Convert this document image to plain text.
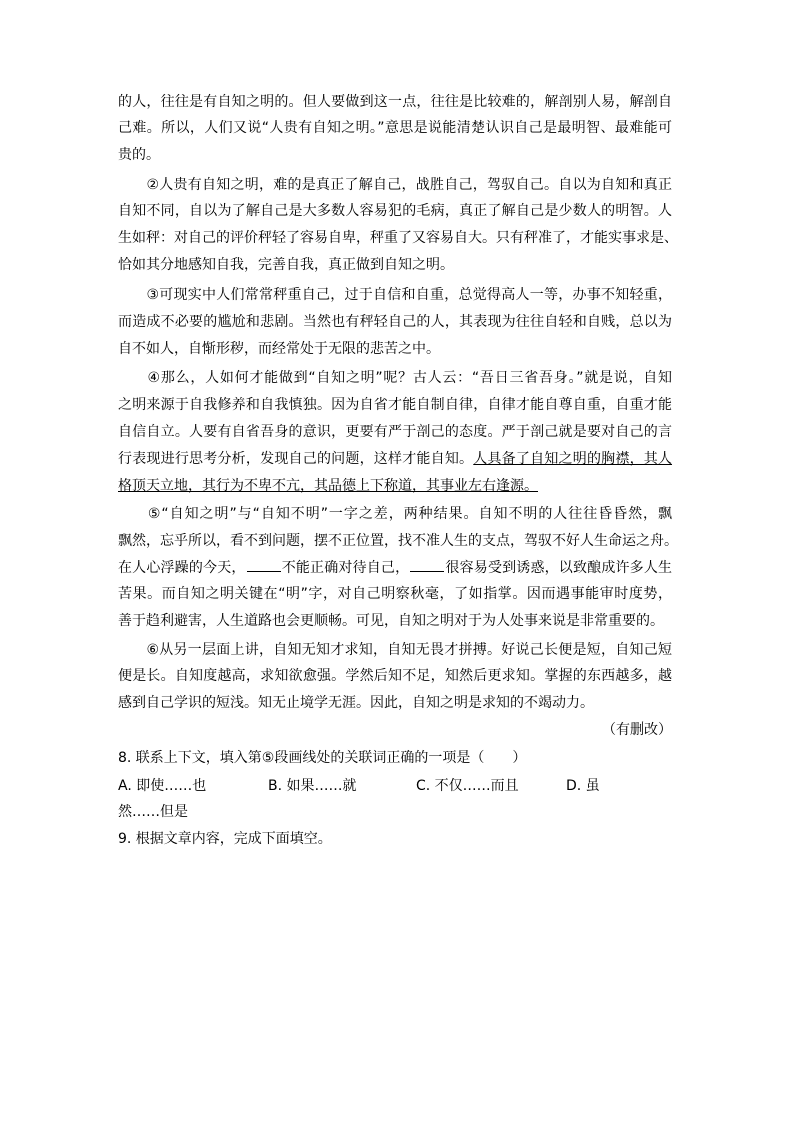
的人，往往是有自知之明的。但人要做到这一点，往往是比较难的，解剖别人易，解剖自
己难。所以，人们又说“人贵有自知之明。”意思是说能清楚认识自己是最明智、最难能可
贵的。
　　②人贵有自知之明，难的是真正了解自己，战胜自己，驾驭自己。自以为自知和真正
自知不同，自以为了解自己是大多数人容易犯的毛病，真正了解自己是少数人的明智。人
生如秤：对自己的评价秤轻了容易自卑，秤重了又容易自大。只有秤准了，才能实事求是、
恰如其分地感知自我，完善自我，真正做到自知之明。
　　③可现实中人们常常秤重自己，过于自信和自重，总觉得高人一等，办事不知轻重，
而造成不必要的尴尬和悲剧。当然也有秤轻自己的人，其表现为往往自轻和自贱，总以为
自不如人，自惭形秽，而经常处于无限的悲苦之中。
　　④那么，人如何才能做到“自知之明”呢？古人云：“吾日三省吾身。”就是说，自知
之明来源于自我修养和自我慎独。因为自省才能自制自律，自律才能自尊自重，自重才能
自信自立。人要有自省吾身的意识，更要有严于剖己的态度。严于剖己就是要对自己的言
行表现进行思考分析，发现自己的问题，这样才能自知。人具备了自知之明的胸襟，其人
格顶天立地，其行为不卑不亢，其品德上下称道，其事业左右逢源。
　　⑤“自知之明”与“自知不明”一字之差，两种结果。自知不明的人往往昏昏然，飘
飘然，忘乎所以，看不到问题，摆不正位置，找不准人生的支点，驾驭不好人生命运之舟。
在人心浮躁的今天，	不能正确对待自己，	很容易受到诱惑，以致酿成许多人生
苦果。而自知之明关键在“明”字，对自己明察秋毫，了如指掌。因而遇事能审时度势，
善于趋利避害，人生道路也会更顺畅。可见，自知之明对于为人处事来说是非常重要的。
　　⑥从另一层面上讲，自知无知才求知，自知无畏才拼搏。好说己长便是短，自知己短
便是长。自知度越高，求知欲愈强。学然后知不足，知然后更求知。掌握的东西越多，越
感到自己学识的短浅。知无止境学无涯。因此，自知之明是求知的不竭动力。
（有删改）
8. 联系上下文，填入第⑤段画线处的关联词正确的一项是（　　）
A. 即使……也	B. 如果……就	C. 不仅……而且	D. 虽
然……但是
9. 根据文章内容，完成下面填空。
